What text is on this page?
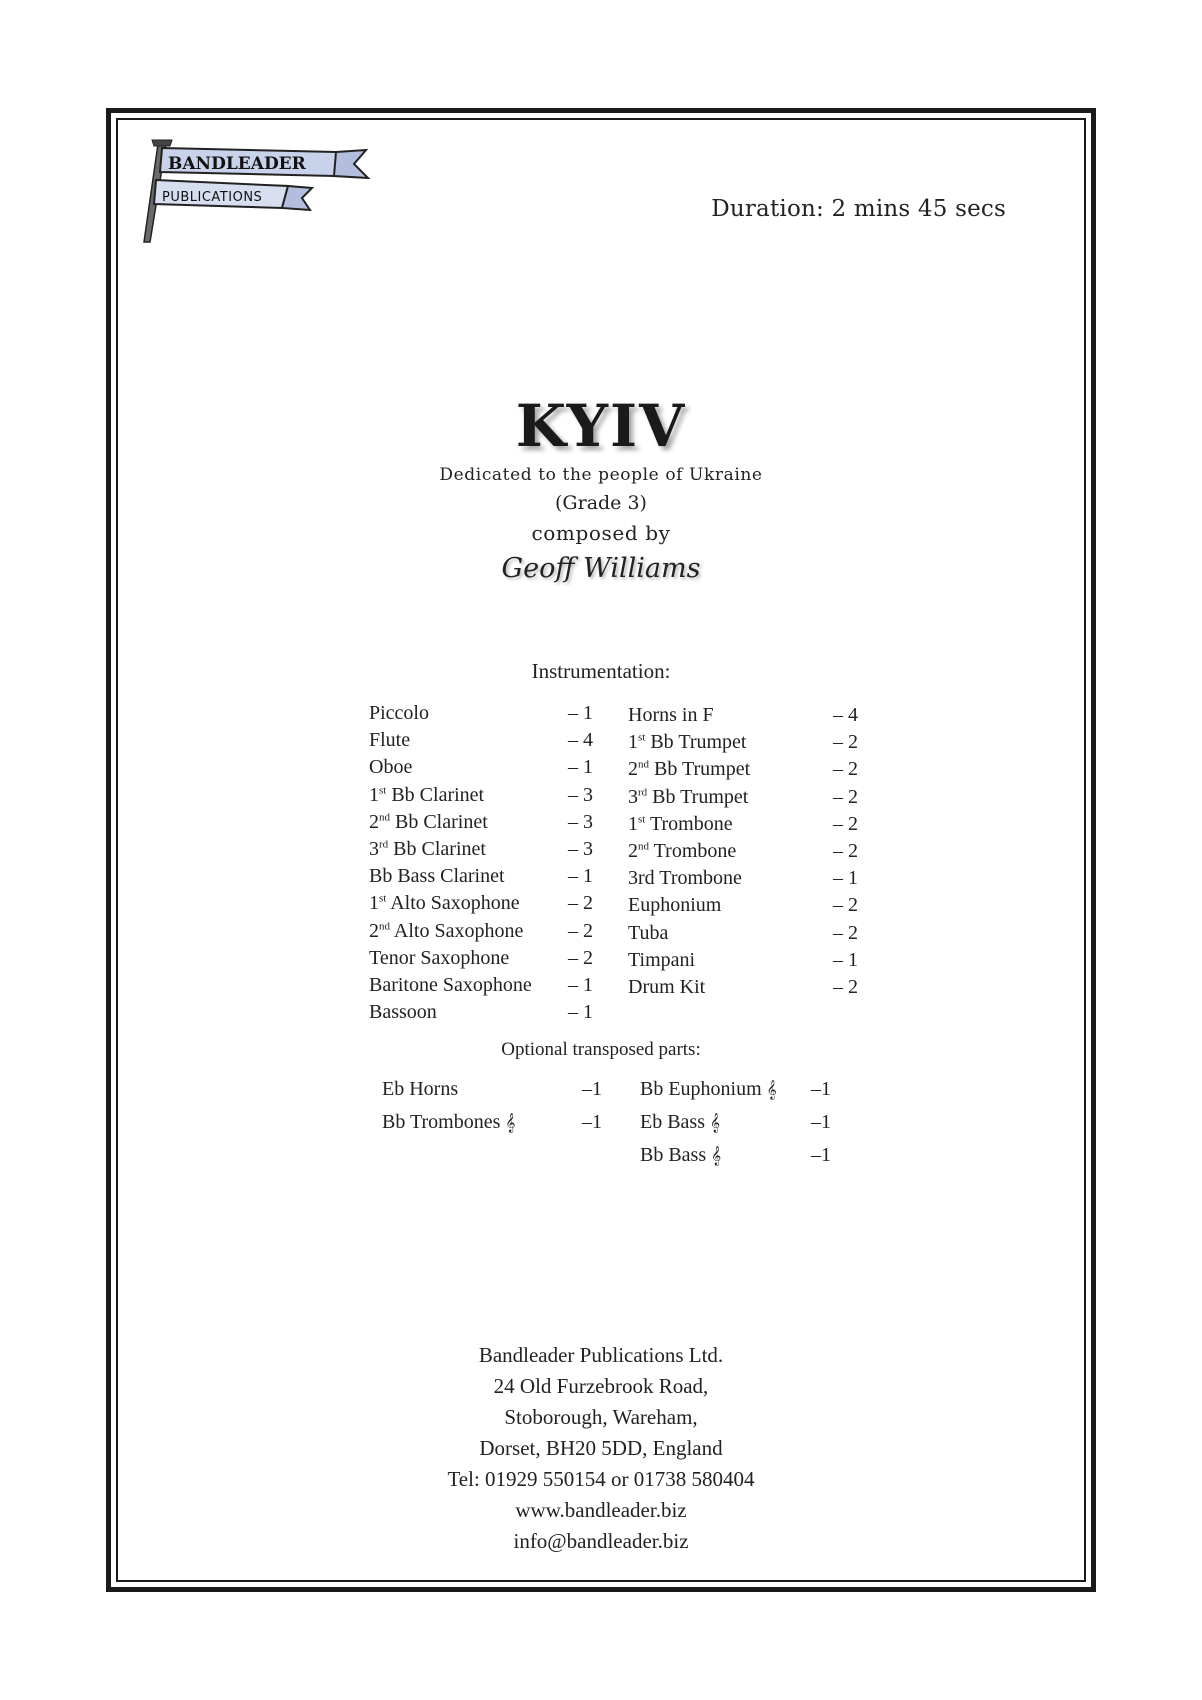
BANDLEADER
PUBLICATIONS	Duration: 2 mins 45 secs
KYIV
Dedicated to the people of Ukraine
(Grade 3)
composed by
Geoff Williams
Instrumentation:
Piccolo	– 1
Flute	– 4
Oboe	– 1
1st Bb Clarinet	– 3
2nd Bb Clarinet	– 3
3rd Bb Clarinet	– 3
Bb Bass Clarinet	– 1
1st Alto Saxophone – 2
2nd Alto Saxophone – 2
Tenor Saxophone	– 2
Baritone Saxophone – 1
Bassoon	– 1
Horns in F	– 4
1st Bb Trumpet	– 2
2nd Bb Trumpet	– 2
3rd Bb Trumpet	– 2
1st Trombone	– 2
2nd Trombone	– 2
3rd Trombone	– 1
Euphonium	– 2
Tuba	– 2
Timpani	– 1
Drum Kit	– 2
Optional transposed parts:
Eb Horns	–1
Bb Trombones 𝄞	–1
Bb Euphonium 𝄞 –1
Eb Bass 𝄞	–1
Bb Bass 𝄞	–1
Bandleader Publications Ltd.
24 Old Furzebrook Road,
Stoborough, Wareham,
Dorset, BH20 5DD, England
Tel: 01929 550154 or 01738 580404
www.bandleader.biz
info@bandleader.biz
